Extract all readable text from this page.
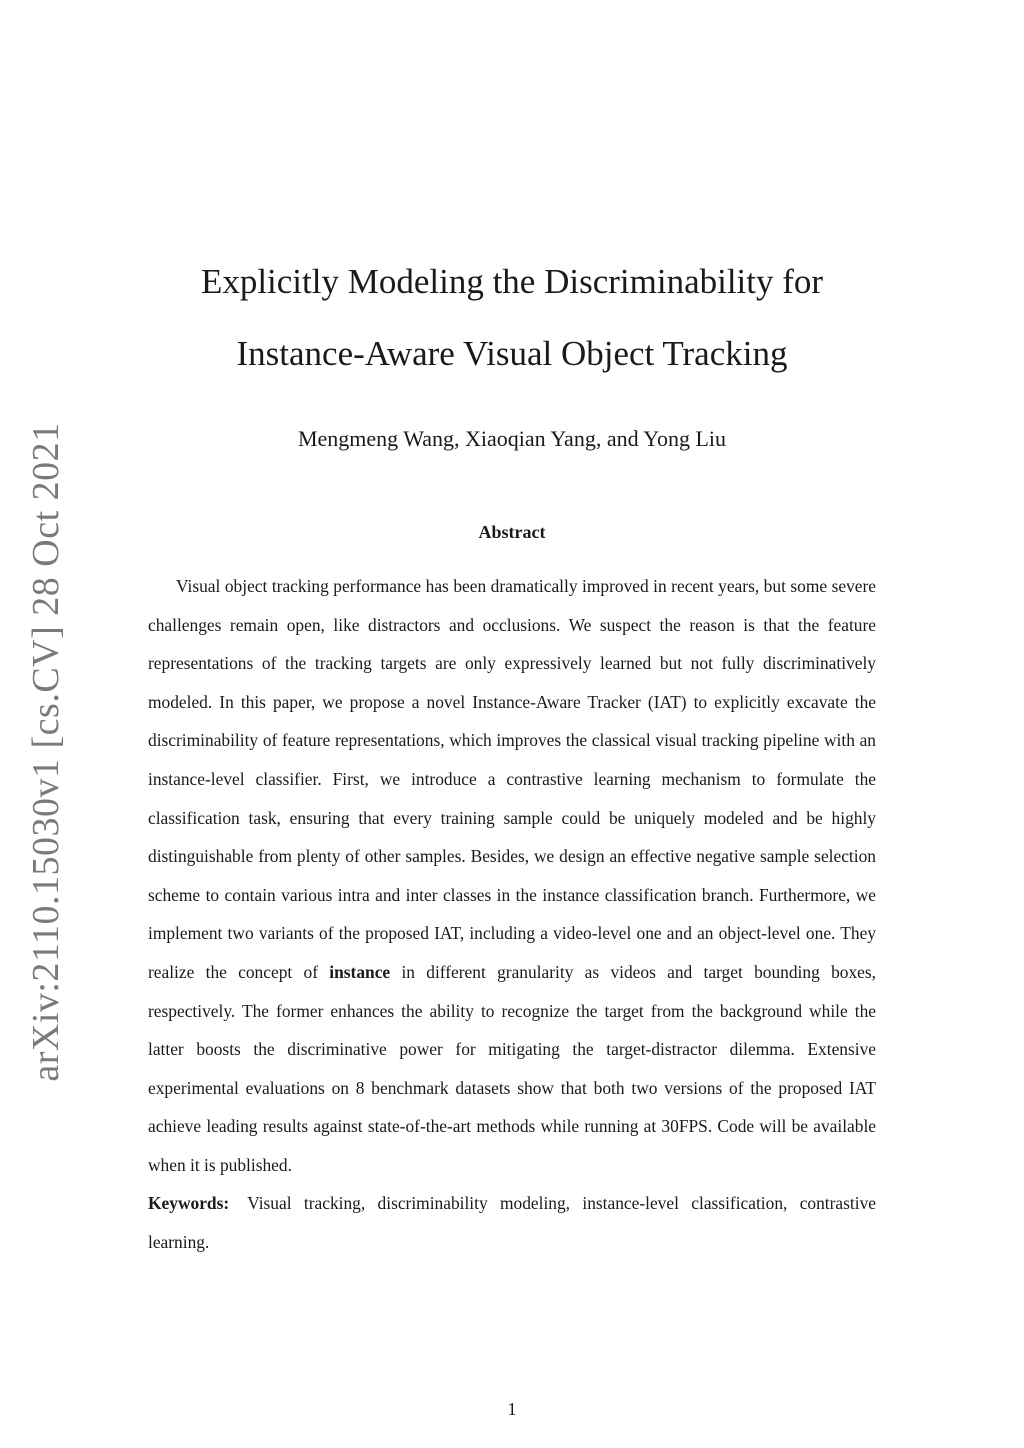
arXiv:2110.15030v1 [cs.CV] 28 Oct 2021
Explicitly Modeling the Discriminability for
Instance-Aware Visual Object Tracking
Mengmeng Wang, Xiaoqian Yang, and Yong Liu
Abstract

Visual object tracking performance has been dramatically improved in recent years, but some severe challenges remain open, like distractors and occlusions. We suspect the reason is that the feature representations of the tracking targets are only expressively learned but not fully discriminatively modeled. In this paper, we propose a novel Instance-Aware Tracker (IAT) to explicitly excavate the discriminability of feature representations, which improves the classical visual tracking pipeline with an instance-level classifier. First, we introduce a contrastive learning mechanism to formulate the classification task, ensuring that every training sample could be uniquely modeled and be highly distinguishable from plenty of other samples. Besides, we design an effective negative sample selection scheme to contain various intra and inter classes in the instance classification branch. Furthermore, we implement two variants of the proposed IAT, including a video-level one and an object-level one. They realize the concept of instance in different granularity as videos and target bounding boxes, respectively. The former enhances the ability to recognize the target from the background while the latter boosts the discriminative power for mitigating the target-distractor dilemma. Extensive experimental evaluations on 8 benchmark datasets show that both two versions of the proposed IAT achieve leading results against state-of-the-art methods while running at 30FPS. Code will be available when it is published.

Keywords: Visual tracking, discriminability modeling, instance-level classification, contrastive learning.
1
